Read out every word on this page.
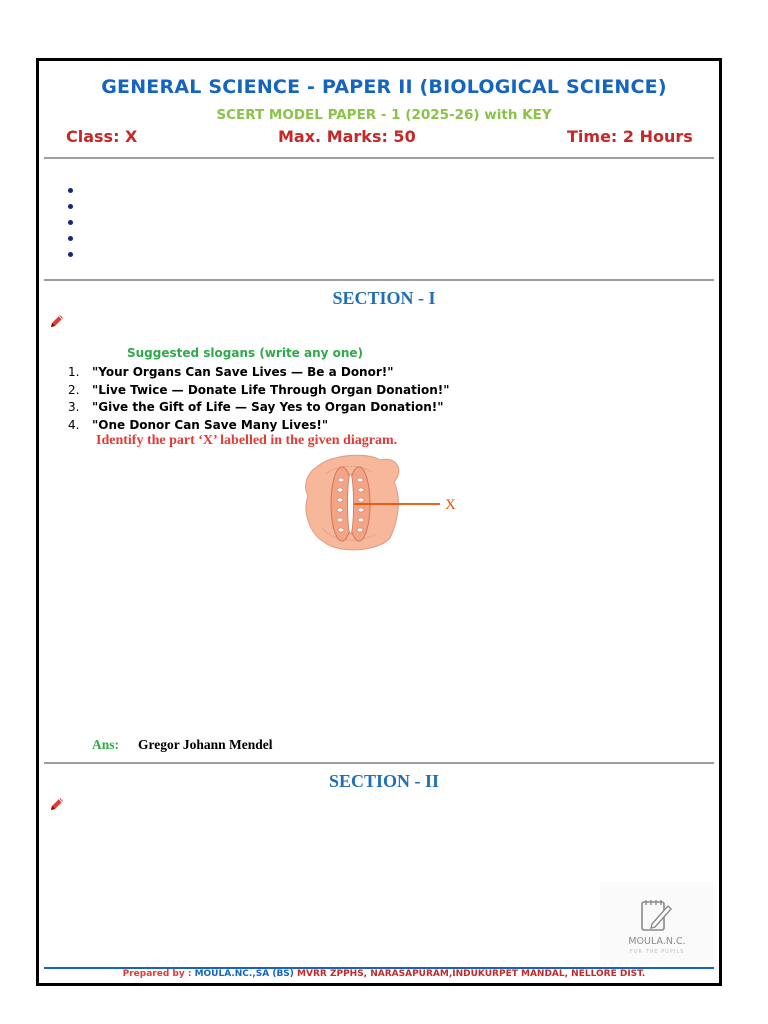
GENERAL SCIENCE - PAPER II (BIOLOGICAL SCIENCE)
SCERT MODEL PAPER - 1 (2025-26) with KEY
Class: X	Max. Marks: 50	Time: 2 Hours
SECTION - I
Suggested slogans (write any one)
1. "Your Organs Can Save Lives — Be a Donor!"
2. "Live Twice — Donate Life Through Organ Donation!"
3. "Give the Gift of Life — Say Yes to Organ Donation!"
4. "One Donor Can Save Many Lives!"
Identify the part ‘X’ labelled in the given diagram.
X
Ans: Gregor Johann Mendel
SECTION - II
MOULA.N.C.
FOR THE PUPILS
Prepared by : MOULA.NC.,SA (BS) MVRR ZPPHS, NARASAPURAM,INDUKURPET MANDAL, NELLORE DIST.
